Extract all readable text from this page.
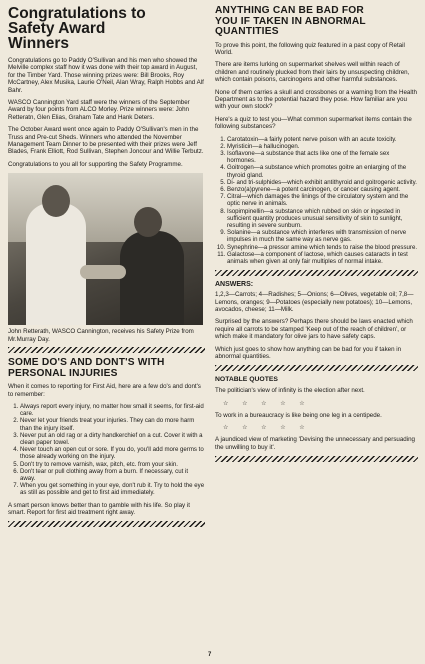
Congratulations to
Safety Award
Winners

Congratulations go to Paddy O'Sullivan and his men who showed the Melville complex staff how it was done with their top award in August, for the Timber Yard. Those winning prizes were: Bill Brooks, Roy McCartney, Alex Musika, Laurie O'Neil, Alan Wray, Ralph Hobbs and Alf Bahr.

WASCO Cannington Yard staff were the winners of the September Award by four points from ALCO Morley. Prize winners were: John Retteratn, Glen Elias, Graham Tate and Hank Deters.

The October Award went once again to Paddy O'Sullivan's men in the Truss and Pre-cut Sheds. Winners who attended the November Management Team Dinner to be presented with their prizes were Jeff Blades, Frank Elliott, Rod Sullivan, Stephen Joncour and Willie Terbutz.

Congratulations to you all for supporting the Safety Programme.

John Retterath, WASCO Cannington, receives his Safety Prize from Mr.Murray Day.
SOME DO'S AND DONT'S WITH
PERSONAL INJURIES

When it comes to reporting for First Aid, here are a few do's and dont's to remember:

1. Always report every injury, no matter how small it seems, for first-aid care.
2. Never let your friends treat your injuries. They can do more harm than the injury itself.
3. Never put an old rag or a dirty handkerchief on a cut. Cover it with a clean paper towel.
4. Never touch an open cut or sore. If you do, you'll add more germs to those already working on the injury.
5. Don't try to remove varnish, wax, pitch, etc. from your skin.
6. Don't tear or pull clothing away from a burn. If necessary, cut it away.
7. When you get something in your eye, don't rub it. Try to hold the eye as still as possible and get to first aid immediately.

A smart person knows better than to gamble with his life. So play it smart. Report for first aid treatment right away.

ANYTHING CAN BE BAD FOR
YOU IF TAKEN IN ABNORMAL
QUANTITIES

To prove this point, the following quiz featured in a past copy of Retail World.

There are items lurking on supermarket shelves well within reach of children and routinely plucked from their lairs by unsuspecting children, which contain poisons, carcinogens and other harmful substances.

None of them carries a skull and crossbones or a warning from the Health Department as to the potential hazard they pose. How familiar are you with your own stock?

Here's a quiz to test you—What common supermarket items contain the following substances?

1. Carotatoxin—a fairly potent nerve poison with an acute toxicity.
2. Myristicin—a hallucinogen.
3. Isoflavone—a substance that acts like one of the female sex hormones.
4. Goitrogen—a substance which promotes goitre an enlarging of the thyroid gland.
5. Di- and tri-sulphides—which exhibit antithyroid and goitrogenic activity.
6. Benzo(a)pyrene—a potent carcinogen, or cancer causing agent.
7. Citral—which damages the linings of the circulatory system and the optic nerve in animals.
8. Isopimpinellin—a substance which rubbed on skin or ingested in sufficient quantity produces unusual sensitivity of skin to sunlight, resulting in severe sunburn.
9. Solanine—a substance which interferes with transmission of nerve impulses in much the same way as nerve gas.
10. Synephrine—a pressor amine which tends to raise the blood pressure.
11. Galactose—a component of lactose, which causes cataracts in test animals when given at only fair multiples of normal intake.
ANSWERS:

1,2,3—Carrots; 4—Radishes; 5—Onions; 6—Olives, vegetable oil; 7,8—Lemons, oranges; 9—Potatoes (especially new potatoes); 10—Lemons, avocados, cheese; 11—Milk.

Surprised by the answers? Perhaps there should be laws enacted which require all carrots to be stamped 'Keep out of the reach of children', or which make it mandatory for olive jars to have safety caps.

Which just goes to show how anything can be bad for you if taken in abnormal quantities.

NOTABLE QUOTES

The politician's view of infinity is the election after next.

☆ ☆ ☆ ☆ ☆

To work in a bureaucracy is like being one leg in a centipede.

☆ ☆ ☆ ☆ ☆

A jaundiced view of marketing 'Devising the unnecessary and persuading the unwilling to buy it'.

7
